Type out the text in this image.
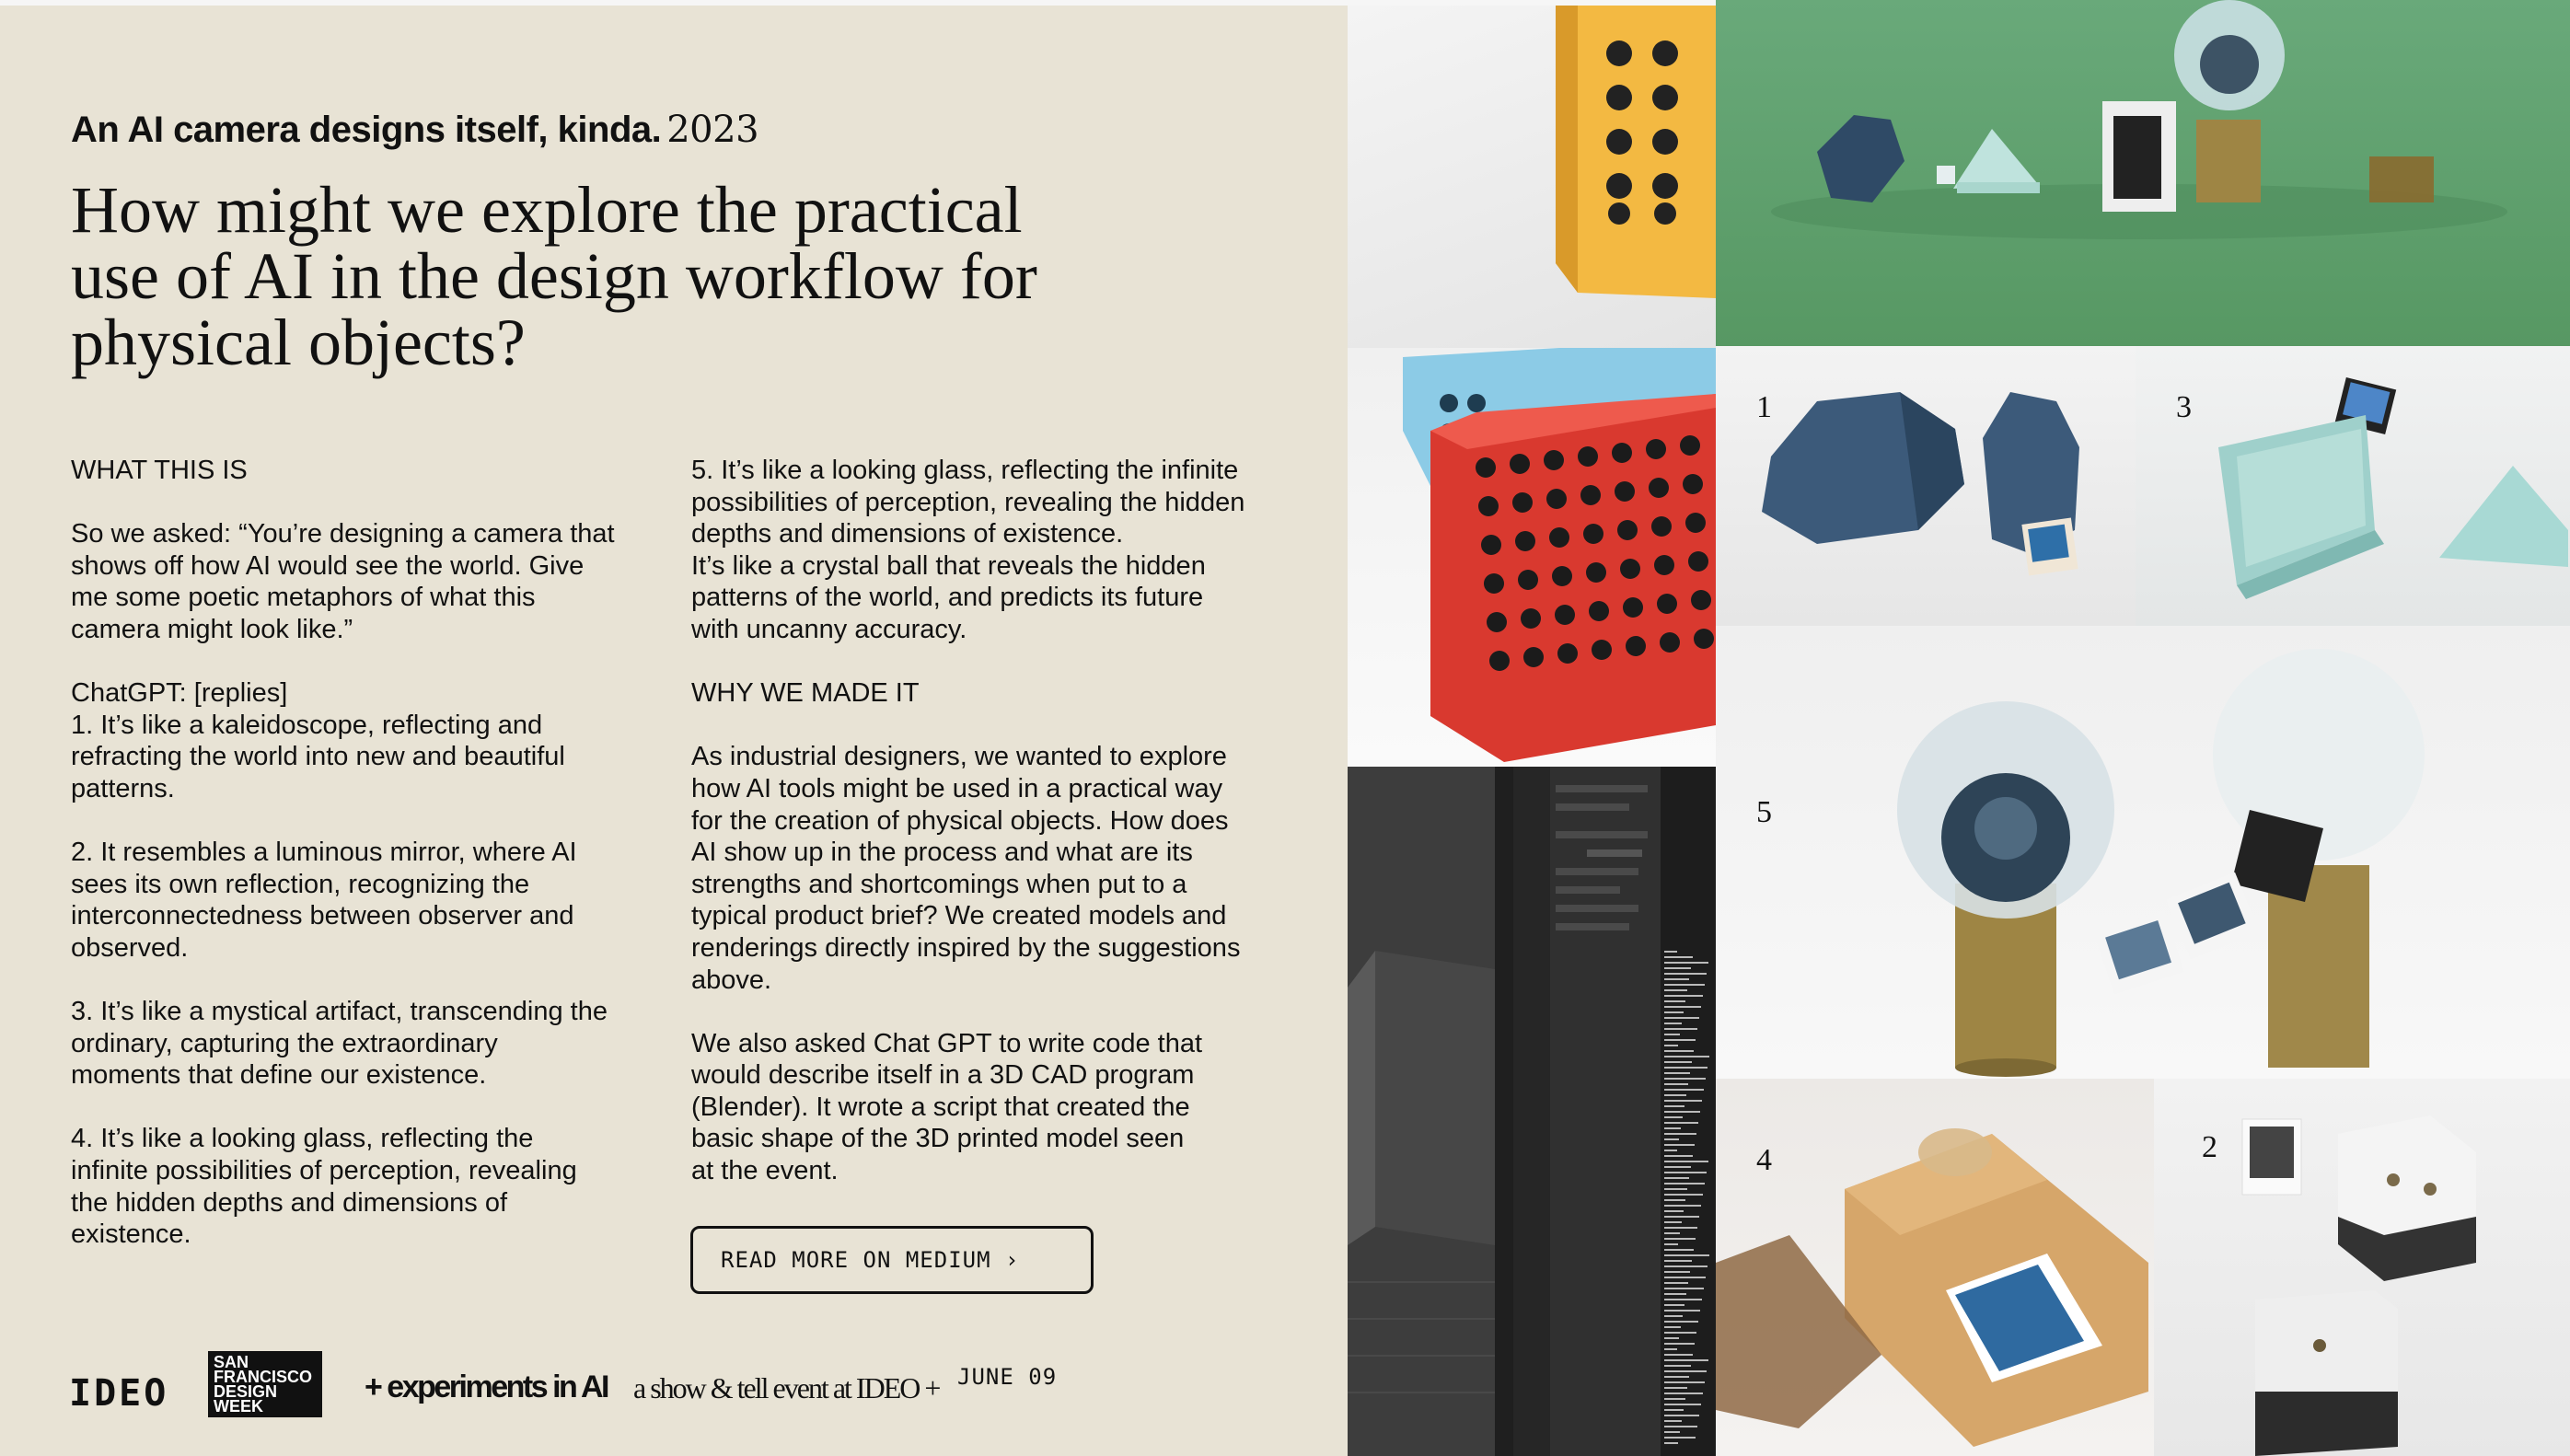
An AI camera designs itself, kinda. 2023
How might we explore the practical
use of AI in the design workflow for
physical objects?
WHAT THIS IS
So we asked: “You’re designing a camera that
shows off how AI would see the world. Give
me some poetic metaphors of what this
camera might look like.”
ChatGPT: [replies]
1. It’s like a kaleidoscope, reflecting and
refracting the world into new and beautiful
patterns.
2. It resembles a luminous mirror, where AI
sees its own reflection, recognizing the
interconnectedness between observer and
observed.
3. It’s like a mystical artifact, transcending the
ordinary, capturing the extraordinary
moments that define our existence.
4. It’s like a looking glass, reflecting the
infinite possibilities of perception, revealing
the hidden depths and dimensions of
existence.
5. It’s like a looking glass, reflecting the infinite
possibilities of perception, revealing the hidden
depths and dimensions of existence.
It’s like a crystal ball that reveals the hidden
patterns of the world, and predicts its future
with uncanny accuracy.
WHY WE MADE IT
As industrial designers, we wanted to explore
how AI tools might be used in a practical way
for the creation of physical objects. How does
AI show up in the process and what are its
strengths and shortcomings when put to a
typical product brief? We created models and
renderings directly inspired by the suggestions
above.
We also asked Chat GPT to write code that
would describe itself in a 3D CAD program
(Blender). It wrote a script that created the
basic shape of the 3D printed model seen
at the event.
READ MORE ON MEDIUM ›
IDEO
SAN
FRANCISCO
DESIGN
WEEK
+ experiments in AI a show & tell event at IDEO + JUNE 09
1	3
5
4	2
